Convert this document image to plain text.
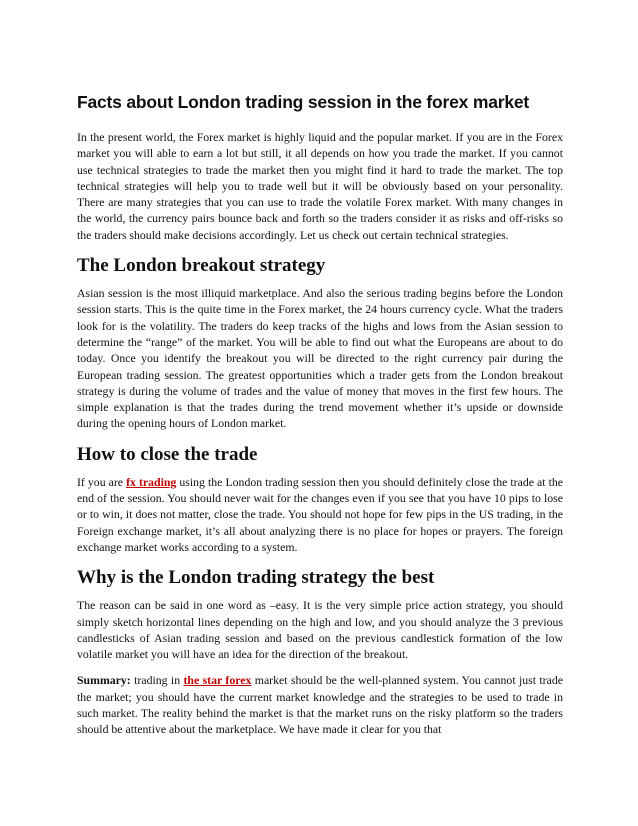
Facts about London trading session in the forex market

In the present world, the Forex market is highly liquid and the popular market. If you are in the Forex market you will able to earn a lot but still, it all depends on how you trade the market. If you cannot use technical strategies to trade the market then you might find it hard to trade the market. The top technical strategies will help you to trade well but it will be obviously based on your personality. There are many strategies that you can use to trade the volatile Forex market. With many changes in the world, the currency pairs bounce back and forth so the traders consider it as risks and off-risks so the traders should make decisions accordingly. Let us check out certain technical strategies.

The London breakout strategy

Asian session is the most illiquid marketplace. And also the serious trading begins before the London session starts. This is the quite time in the Forex market, the 24 hours currency cycle. What the traders look for is the volatility. The traders do keep tracks of the highs and lows from the Asian session to determine the “range” of the market. You will be able to find out what the Europeans are about to do today. Once you identify the breakout you will be directed to the right currency pair during the European trading session. The greatest opportunities which a trader gets from the London breakout strategy is during the volume of trades and the value of money that moves in the first few hours. The simple explanation is that the trades during the trend movement whether it’s upside or downside during the opening hours of London market.

How to close the trade

If you are fx trading using the London trading session then you should definitely close the trade at the end of the session. You should never wait for the changes even if you see that you have 10 pips to lose or to win, it does not matter, close the trade. You should not hope for few pips in the US trading, in the Foreign exchange market, it’s all about analyzing there is no place for hopes or prayers. The foreign exchange market works according to a system.

Why is the London trading strategy the best

The reason can be said in one word as –easy. It is the very simple price action strategy, you should simply sketch horizontal lines depending on the high and low, and you should analyze the 3 previous candlesticks of Asian trading session and based on the previous candlestick formation of the low volatile market you will have an idea for the direction of the breakout.

Summary: trading in the star forex market should be the well-planned system. You cannot just trade the market; you should have the current market knowledge and the strategies to be used to trade in such market. The reality behind the market is that the market runs on the risky platform so the traders should be attentive about the marketplace. We have made it clear for you that
